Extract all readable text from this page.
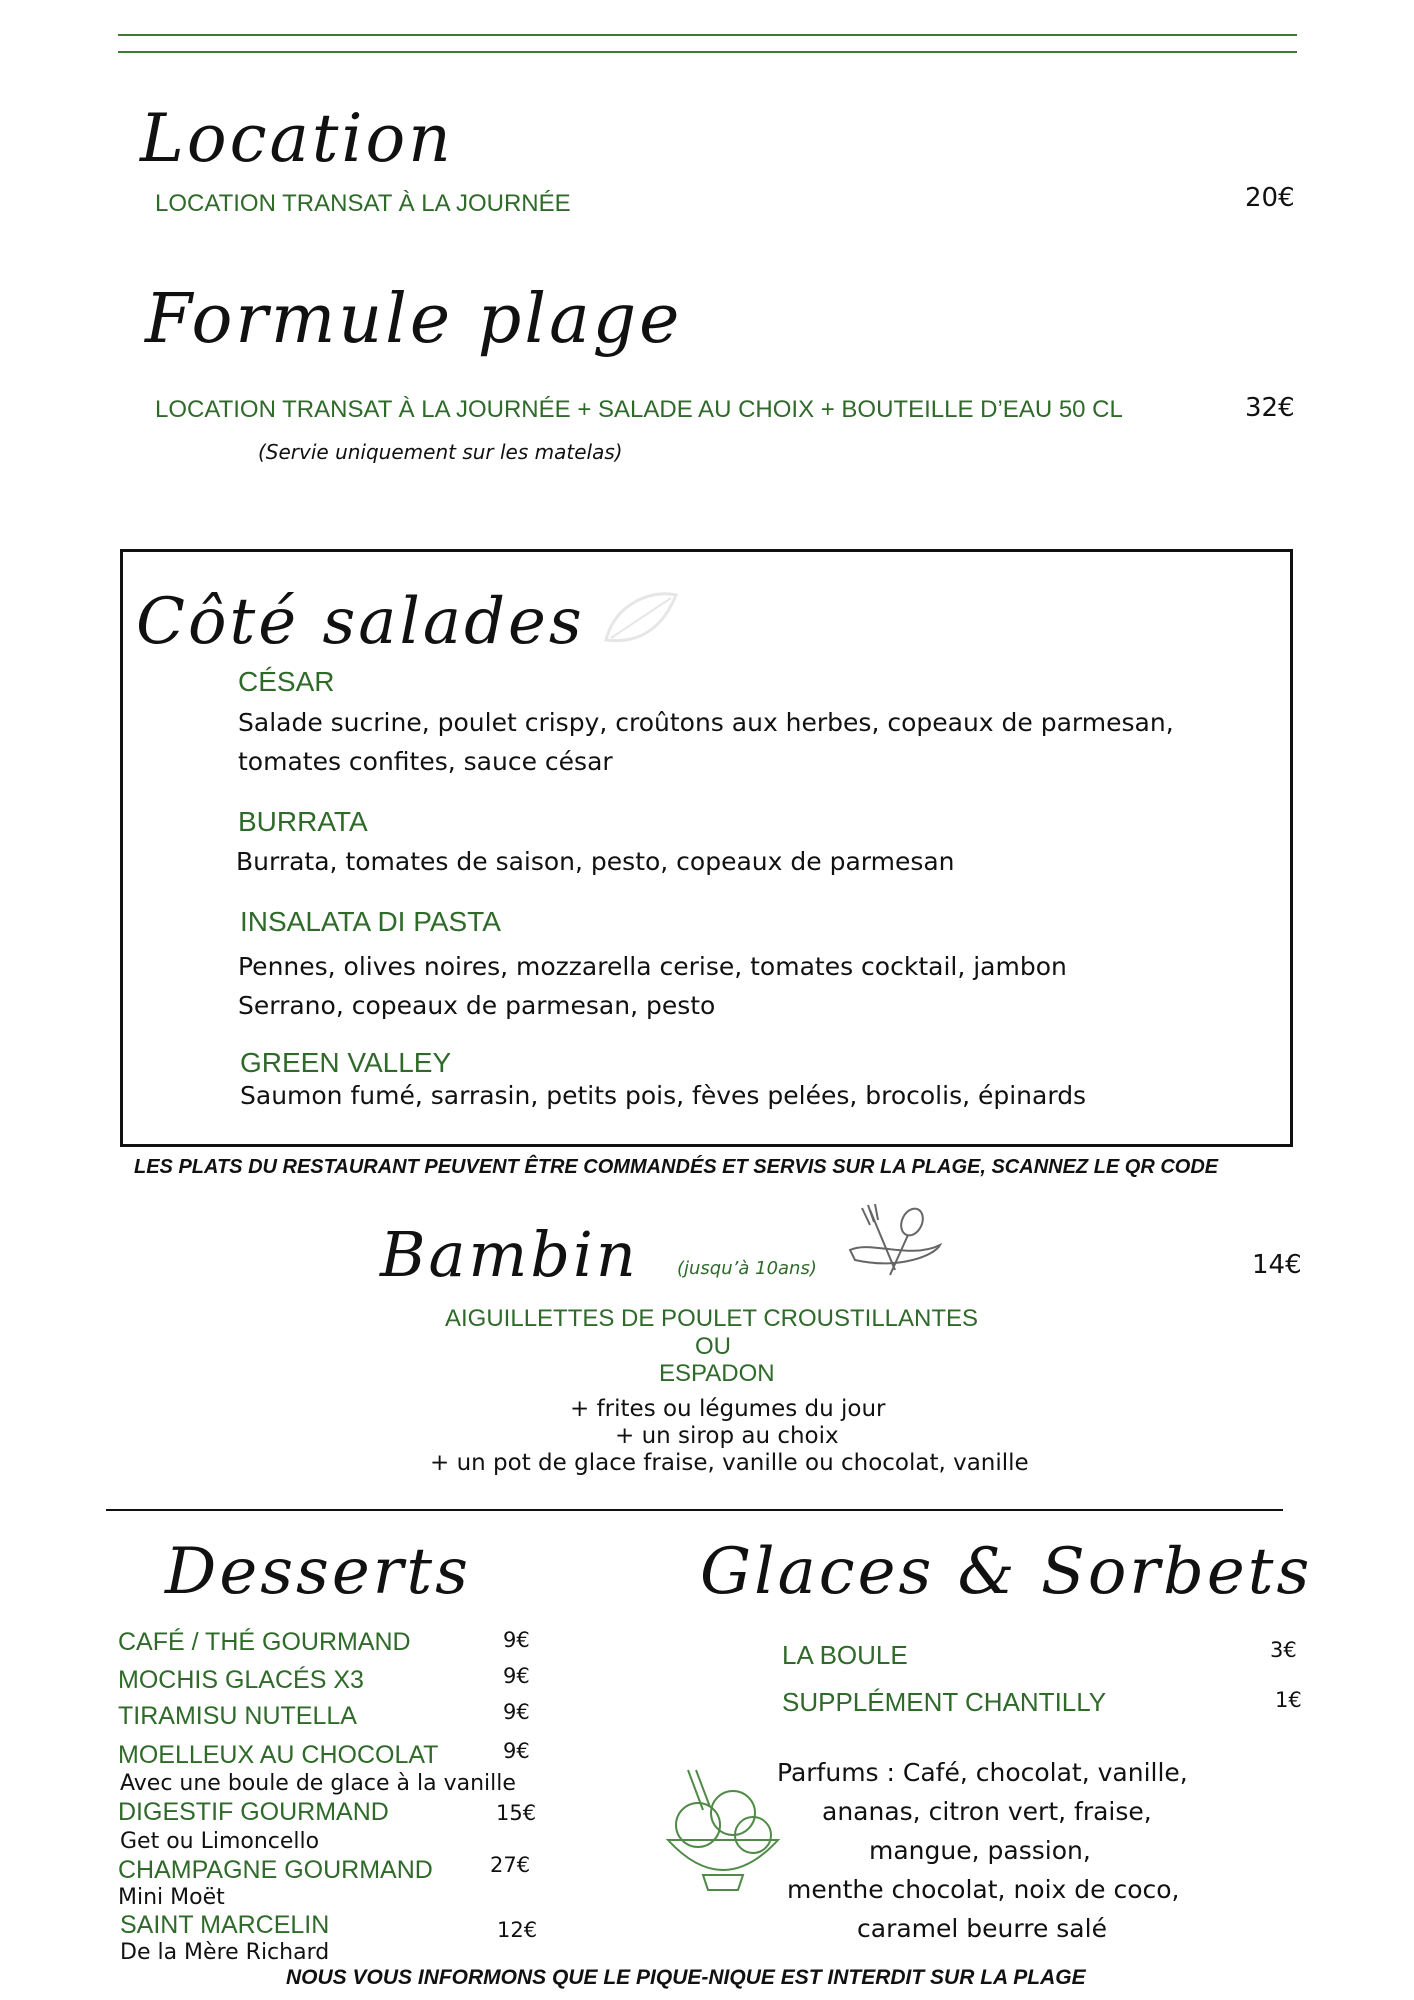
Location
LOCATION TRANSAT À LA JOURNÉE	20€
Formule plage
LOCATION TRANSAT À LA JOURNÉE + SALADE AU CHOIX + BOUTEILLE D’EAU 50 CL	32€
(Servie uniquement sur les matelas)
Côté salades
CÉSAR
Salade sucrine, poulet crispy, croûtons aux herbes, copeaux de parmesan,
tomates confites, sauce césar
BURRATA
Burrata, tomates de saison, pesto, copeaux de parmesan
INSALATA DI PASTA
Pennes, olives noires, mozzarella cerise, tomates cocktail, jambon
Serrano, copeaux de parmesan, pesto
GREEN VALLEY
Saumon fumé, sarrasin, petits pois, fèves pelées, brocolis, épinards
LES PLATS DU RESTAURANT PEUVENT ÊTRE COMMANDÉS ET SERVIS SUR LA PLAGE, SCANNEZ LE QR CODE
Bambin (jusqu’à 10ans)	14€
AIGUILLETTES DE POULET CROUSTILLANTES
OU
ESPADON
+ frites ou légumes du jour
+ un sirop au choix
+ un pot de glace fraise, vanille ou chocolat, vanille
Desserts
CAFÉ / THÉ GOURMAND	9€
MOCHIS GLACÉS X3	9€
TIRAMISU NUTELLA	9€
MOELLEUX AU CHOCOLAT	9€
Avec une boule de glace à la vanille
DIGESTIF GOURMAND	15€
Get ou Limoncello
CHAMPAGNE GOURMAND	27€
Mini Moët
SAINT MARCELIN	12€
De la Mère Richard
Glaces & Sorbets
LA BOULE	3€
SUPPLÉMENT CHANTILLY	1€
Parfums : Café, chocolat, vanille,
ananas, citron vert, fraise,
mangue, passion,
menthe chocolat, noix de coco,
caramel beurre salé
NOUS VOUS INFORMONS QUE LE PIQUE-NIQUE EST INTERDIT SUR LA PLAGE
